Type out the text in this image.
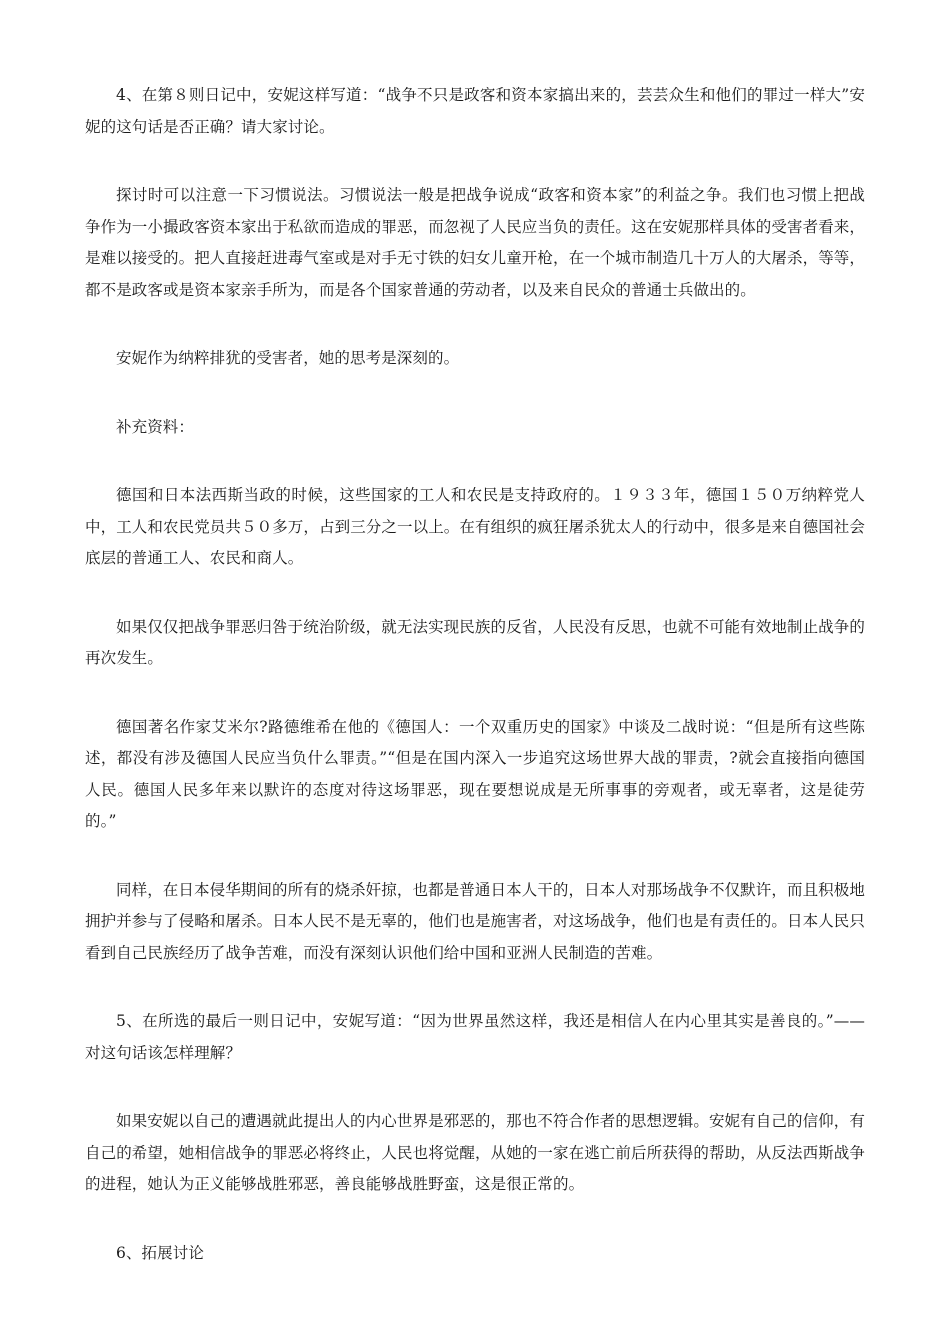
4、在第８则日记中，安妮这样写道：“战争不只是政客和资本家搞出来的，芸芸众生和他们的罪过一样大”安妮的这句话是否正确？请大家讨论。

探讨时可以注意一下习惯说法。习惯说法一般是把战争说成“政客和资本家”的利益之争。我们也习惯上把战争作为一小撮政客资本家出于私欲而造成的罪恶，而忽视了人民应当负的责任。这在安妮那样具体的受害者看来，是难以接受的。把人直接赶进毒气室或是对手无寸铁的妇女儿童开枪，在一个城市制造几十万人的大屠杀，等等，都不是政客或是资本家亲手所为，而是各个国家普通的劳动者，以及来自民众的普通士兵做出的。

安妮作为纳粹排犹的受害者，她的思考是深刻的。

补充资料：

德国和日本法西斯当政的时候，这些国家的工人和农民是支持政府的。１９３３年，德国１５０万纳粹党人中，工人和农民党员共５０多万，占到三分之一以上。在有组织的疯狂屠杀犹太人的行动中，很多是来自德国社会底层的普通工人、农民和商人。

如果仅仅把战争罪恶归咎于统治阶级，就无法实现民族的反省，人民没有反思，也就不可能有效地制止战争的再次发生。

德国著名作家艾米尔?路德维希在他的《德国人：一个双重历史的国家》中谈及二战时说：“但是所有这些陈述，都没有涉及德国人民应当负什么罪责。”“但是在国内深入一步追究这场世界大战的罪责，?就会直接指向德国人民。德国人民多年来以默许的态度对待这场罪恶，现在要想说成是无所事事的旁观者，或无辜者，这是徒劳的。”

同样，在日本侵华期间的所有的烧杀奸掠，也都是普通日本人干的，日本人对那场战争不仅默许，而且积极地拥护并参与了侵略和屠杀。日本人民不是无辜的，他们也是施害者，对这场战争，他们也是有责任的。日本人民只看到自己民族经历了战争苦难，而没有深刻认识他们给中国和亚洲人民制造的苦难。

5、在所选的最后一则日记中，安妮写道：“因为世界虽然这样，我还是相信人在内心里其实是善良的。”——对这句话该怎样理解？

如果安妮以自己的遭遇就此提出人的内心世界是邪恶的，那也不符合作者的思想逻辑。安妮有自己的信仰，有自己的希望，她相信战争的罪恶必将终止，人民也将觉醒，从她的一家在逃亡前后所获得的帮助，从反法西斯战争的进程，她认为正义能够战胜邪恶，善良能够战胜野蛮，这是很正常的。

6、拓展讨论
